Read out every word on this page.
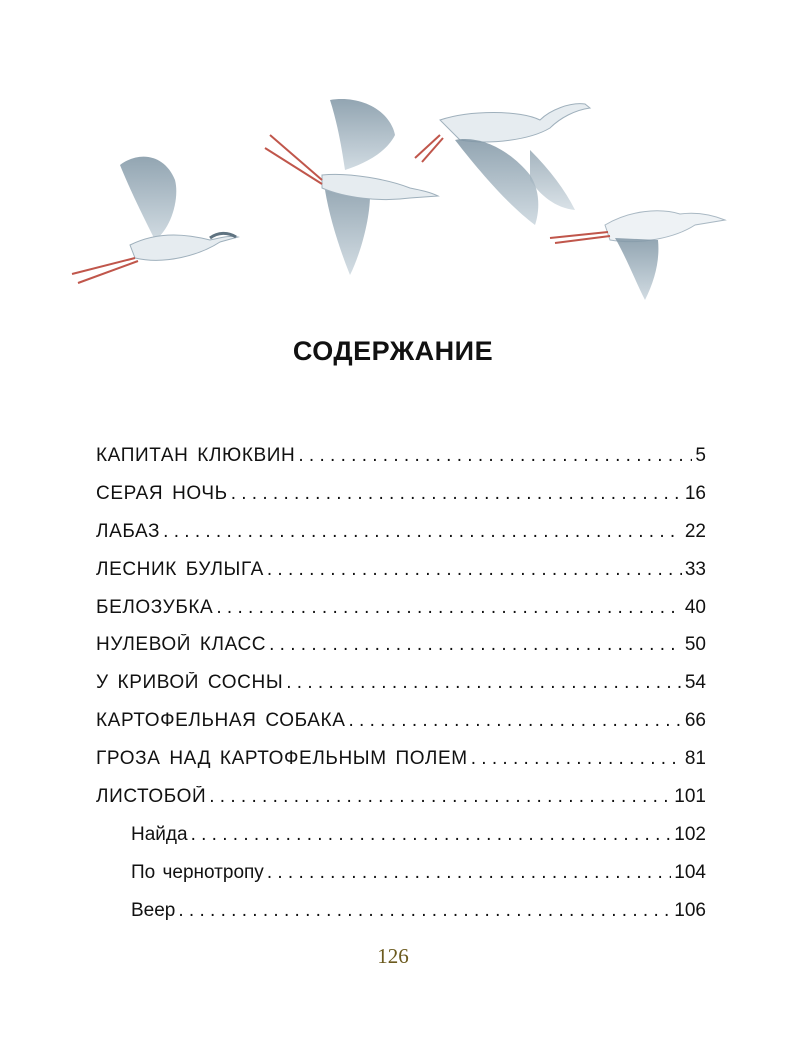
СОДЕРЖАНИЕ
КАПИТАН КЛЮКВИН . . .	5
СЕРАЯ НОЧЬ . . .	16
ЛАБАЗ . . .	22
ЛЕСНИК БУЛЫГА . . .	33
БЕЛОЗУБКА . . .	40
НУЛЕВОЙ КЛАСС . . .	50
У КРИВОЙ СОСНЫ . . .	54
КАРТОФЕЛЬНАЯ СОБАКА . . .	66
ГРОЗА НАД КАРТОФЕЛЬНЫМ ПОЛЕМ . . .	81
ЛИСТОБОЙ . . .	101
Найда . . .	102
По чернотропу . . .	104
Веер . . .	106
126
